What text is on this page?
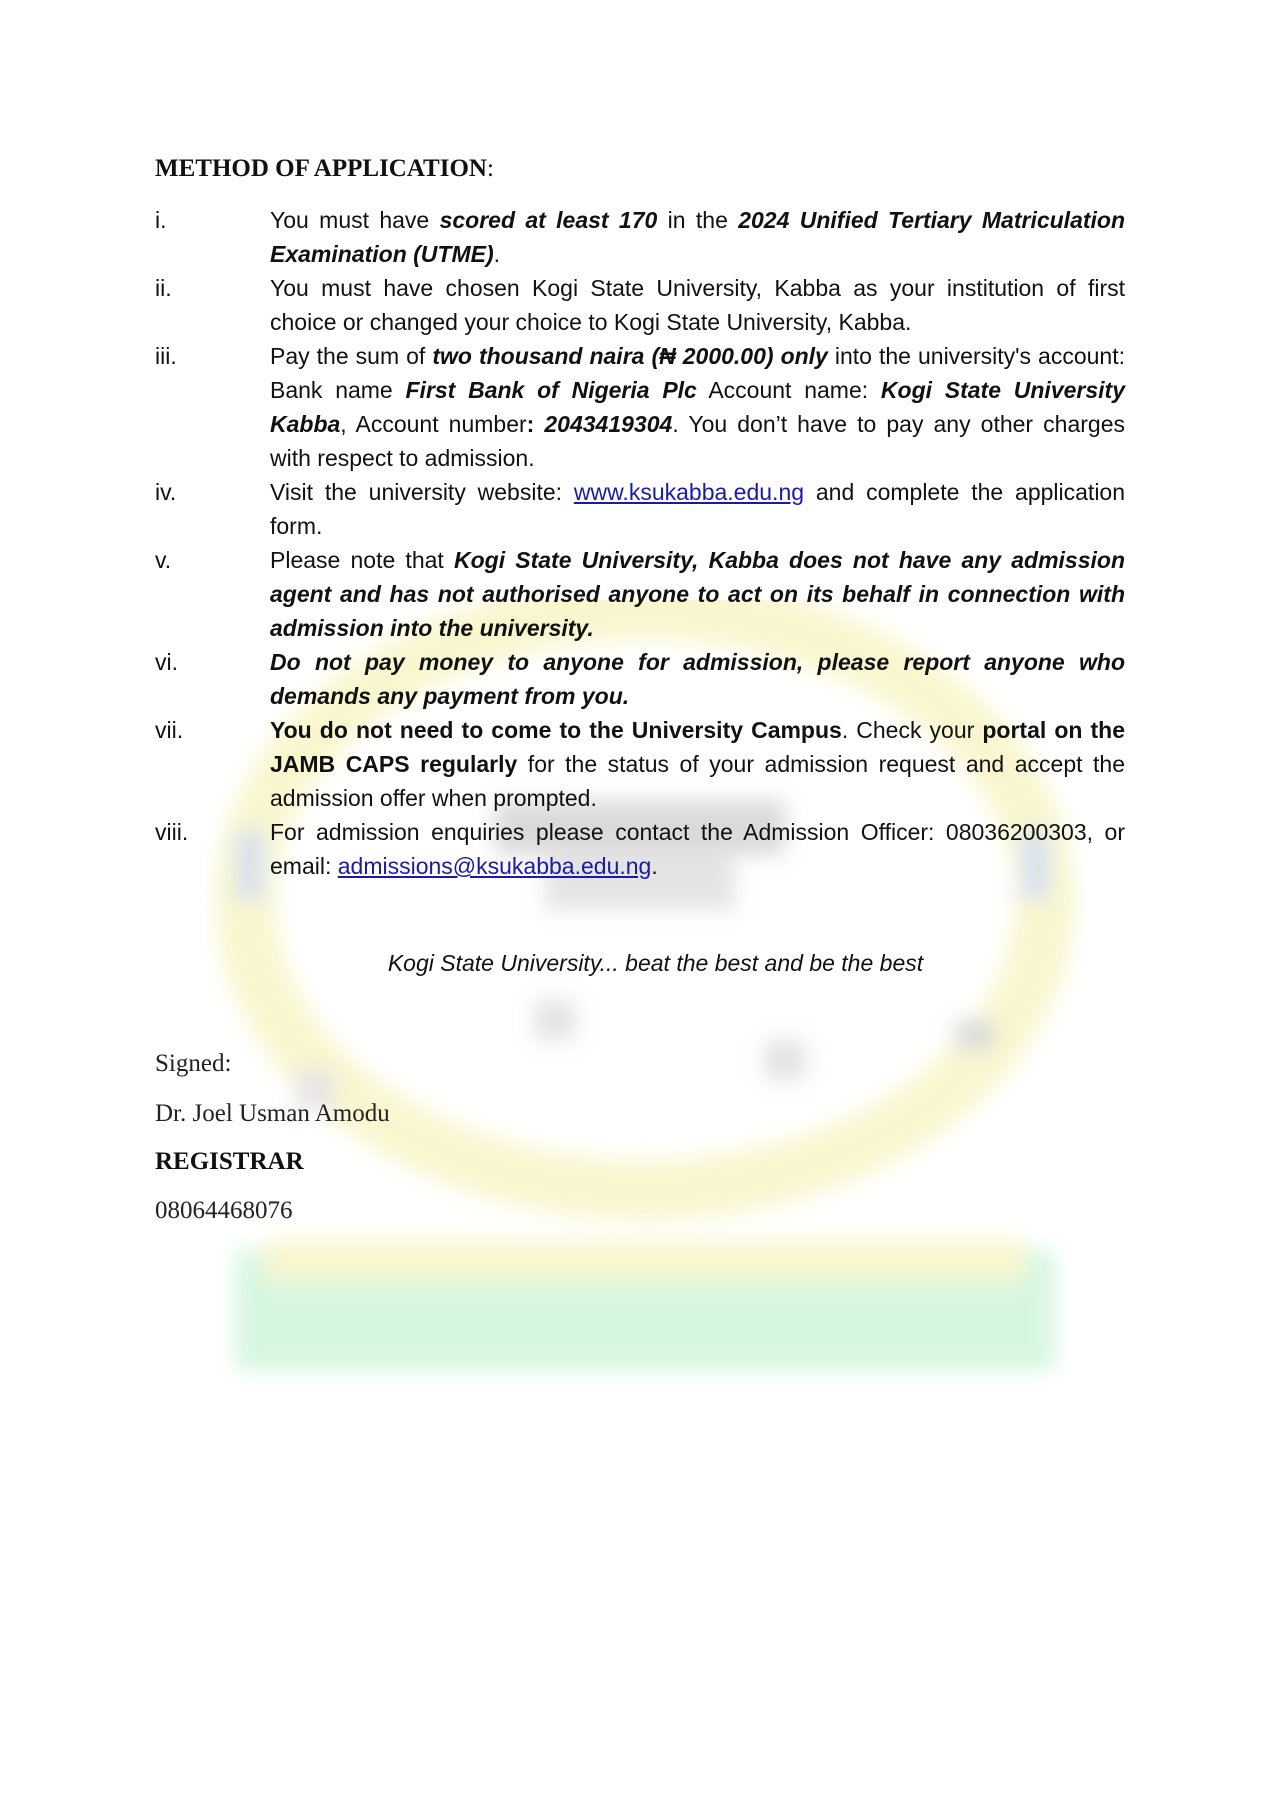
METHOD OF APPLICATION:
i.	You must have scored at least 170 in the 2024 Unified Tertiary Matriculation Examination (UTME).
ii.	You must have chosen Kogi State University, Kabba as your institution of first choice or changed your choice to Kogi State University, Kabba.
iii.	Pay the sum of two thousand naira (₦ 2000.00) only into the university's account: Bank name First Bank of Nigeria Plc Account name: Kogi State University Kabba, Account number: 2043419304. You don’t have to pay any other charges with respect to admission.
iv.	Visit the university website: www.ksukabba.edu.ng and complete the application form.
v.	Please note that Kogi State University, Kabba does not have any admission agent and has not authorised anyone to act on its behalf in connection with admission into the university.
vi.	Do not pay money to anyone for admission, please report anyone who demands any payment from you.
vii.	You do not need to come to the University Campus. Check your portal on the JAMB CAPS regularly for the status of your admission request and accept the admission offer when prompted.
viii.	For admission enquiries please contact the Admission Officer: 08036200303, or email: admissions@ksukabba.edu.ng.
Kogi State University... beat the best and be the best
Signed:
Dr. Joel Usman Amodu
REGISTRAR
08064468076
